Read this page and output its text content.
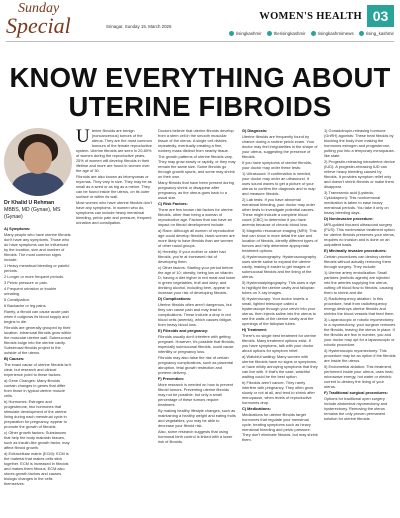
Sunday
Special	Srinagar, Sunday 15, March 2025
WOMEN'S HEALTH 03
risingkashmir	therisingkashmir	risingkashmirnews	rising_kashmir
KNOW EVERYTHING ABOUT
UTERINE FIBROIDS
Dr Khalid U Rehman
MBBS, MD (Gynae), MS (Gynae)
U terine fibroids are benign (noncancerous) tumors of the uterus. They are the most common tumours of the female reproductive system. Uterine fibroids are seen in 20-80% of women during the reproductive years. 25% of women will develop fibroids in their lifetime and more are found in women over the age of 30.

Fibroids are also known as leiomyomas or myomas. They vary in size. They may be as small as a seed or as big as a melon. They can be found inside the uterus, on its outer surface or within its wall.

Most women who have uterine fibroids don't have any symptoms. In women who do, symptoms can include heavy menstrual bleeding, pelvic pain and pressure, frequent urination and constipation.

A) Symptoms:

Many people who have uterine fibroids don't have any symptoms. Those who do have symptoms can be influenced by the location, size and number of fibroids. The most common signs include:

1 Heavy menstrual bleeding or painful periods.

2 Longer or more frequent periods.

3 Pelvic pressure or pain.

4 Frequent urination or trouble urinating.

5 Constipation.

6 Backache or leg pains.

Rarely, a fibroid can cause acute pain when it outgrows its blood supply and begins to die.

Fibroids are generally grouped by their location. Intramural fibroids grow within the muscular uterine wall. Submucosal fibroids bulge into the uterine cavity. Subserosal fibroids project to the outside of the uterus.

B) Causes:

The exact cause of uterine fibroids isn't clear, but research and clinical experience point to these factors:

a) Gene Changes: Many fibroids contain changes in genes that differ from those in typical uterine muscle cells.

b) Hormones: Estrogen and progesterone, two hormones that stimulate development of the uterine lining during each menstrual cycle in preparation for pregnancy, appear to promote the growth of fibroids.

c) Other growth factors: Substances that help the body maintain tissues, such as insulin-like growth factor, may affect fibroid growth.

d) Extracellular matrix (ECM): ECM is the material that makes cells stick together. ECM is increased in fibroids and makes them fibrous. ECM also stores growth factors and causes biologic changes in the cells themselves.

Doctors believe that uterine fibroids develop from a stem cell in the smooth muscular tissue of the uterus. A single cell divides repeatedly, eventually creating a firm, rubbery mass distinct from nearby tissue.

The growth patterns of uterine fibroids vary. They may grow slowly or rapidly, or they may remain the same size. Some fibroids go through growth spurts, and some may shrink on their own.

Many fibroids that have been present during pregnancy shrink or disappear after pregnancy, as the uterus goes back to a usual size.

C) Risk Factors:

There are few known risk factors for uterine fibroids, other than being a woman of reproductive age. Factors that can have an impact on fibroid development include:

a) Race: Although all women of reproductive age could develop fibroids, black women are more likely to have fibroids than are women of other racial groups.

b) Heredity: If your mother or sister had fibroids, you're at increased risk of developing them.

c) Other factors: Starting your period before the age of 10; obesity; being low on vitamin D; having a diet higher in red meat and lower in green vegetables, fruit and dairy; and drinking alcohol, including beer, appear to increase your risk of developing fibroids.

D) Complications:

Uterine fibroids often aren't dangerous, but they can cause pain and may lead to complications. These include a drop in red blood cells (anemia), which causes fatigue, from heavy blood loss.

E) Fibroids and pregnancy:

Fibroids usually don't interfere with getting pregnant. However, it's possible that fibroids, especially submucosal fibroids, could cause infertility or pregnancy loss.

Fibroids may also raise the risk of certain pregnancy complications, such as placental abruption, fetal growth restriction and preterm delivery.

F) Prevention:

More research is needed on how to prevent fibroid tumors. Preventing uterine fibroids may not be possible, but only a small percentage of these tumors require treatment.

By making healthy lifestyle changes, such as maintaining a healthy weight and eating fruits and vegetables, you may be able to decrease your fibroid risk.

Also, some research suggests that using hormonal birth control is linked with a lower risk of fibroids.

G) Diagnosis:

Uterine fibroids are frequently found by chance during a routine pelvic exam. Your doctor may feel irregularities in the shape of your uterus, suggesting the presence of fibroids.

If you have symptoms of uterine fibroids, your doctor may order these tests:

1) Ultrasound: If confirmation is needed, your doctor may order an ultrasound. It uses sound waves to get a picture of your uterus to confirm the diagnosis and to map and measure fibroids.

2) Lab tests: If you have abnormal menstrual bleeding, your doctor may order other tests to investigate potential causes. These might include a complete blood count (CBC) to determine if you have anemia because of chronic blood loss.

3) Magnetic resonance imaging (MRI): This test can show in more detail the size and location of fibroids, identify different types of tumors and help determine appropriate treatment options.

4) Hysterosonography: Hysterosonography uses sterile saline to expand the uterine cavity, making it easier to get images of submucosal fibroids and the lining of the uterus.

5) Hysterosalpingography: This uses a dye to highlight the uterine cavity and fallopian tubes on X-ray images.

6) Hysteroscopy: Your doctor inserts a small, lighted telescope called a hysteroscope through your cervix into your uterus, then injects saline into the uterus to see the walls of the uterine cavity and the openings of the fallopian tubes.

H) Treatment:

There's no single best treatment for uterine fibroids. Many treatment options exist. If you have symptoms, talk with your doctor about options for symptom relief.

a) Watchful waiting: Many women with uterine fibroids have no signs or symptoms, or have mildly annoying symptoms that they can live with. If that's the case, watchful waiting could be the best option.

b) Fibroids aren't cancer. They rarely interfere with pregnancy. They often grow slowly or not at all, and tend to shrink after menopause, when levels of reproductive hormones drop.

C) Medications:

Medications for uterine fibroids target hormones that regulate your menstrual cycle, treating symptoms such as heavy menstrual bleeding and pelvic pressure. They don't eliminate fibroids, but may shrink them.

1) Gonadotropin-releasing hormone (GnRH) agonists: These treat fibroids by blocking the body from making the hormones estrogen and progesterone, putting you into a temporary menopause-like state.

2) Progestin-releasing intrauterine device (IUD): A progestin-releasing IUD can relieve heavy bleeding caused by fibroids. It provides symptom relief only and doesn't shrink fibroids or make them disappear.

3) Tranexamic acid (Lysteda, Cyklokapron): This nonhormonal medication is taken to ease heavy menstrual periods. You take it only on heavy bleeding days.

D) Noninvasive procedure:

MRI-guided focused ultrasound surgery (FUS): This noninvasive treatment option for uterine fibroids preserves your uterus, requires no incision and is done on an outpatient basis.

E) Minimally invasive procedures:

Certain procedures can destroy uterine fibroids without actually removing them through surgery. They include:

1) Uterine artery embolization: Small particles (embolic agents) are injected into the arteries supplying the uterus, cutting off blood flow to fibroids, causing them to shrink and die.

2) Radiofrequency ablation: In this procedure, heat from radiofrequency energy destroys uterine fibroids and shrinks the blood vessels that feed them.

3) Laparoscopic or robotic myomectomy: In a myomectomy, your surgeon removes the fibroids, leaving the uterus in place. If the fibroids are few in number, you and your doctor may opt for a laparoscopic or robotic procedure.

4) Hysteroscopic myomectomy: This procedure may be an option if the fibroids are inside the uterus.

5) Endometrial ablation: This treatment, performed inside your uterus, uses heat, microwave energy, hot water or electric current to destroy the lining of your uterus.

F) Traditional surgical procedures:

Options for traditional open surgery include abdominal myomectomy and hysterectomy. Removing the uterus remains the only proven permanent solution for uterine fibroids.
